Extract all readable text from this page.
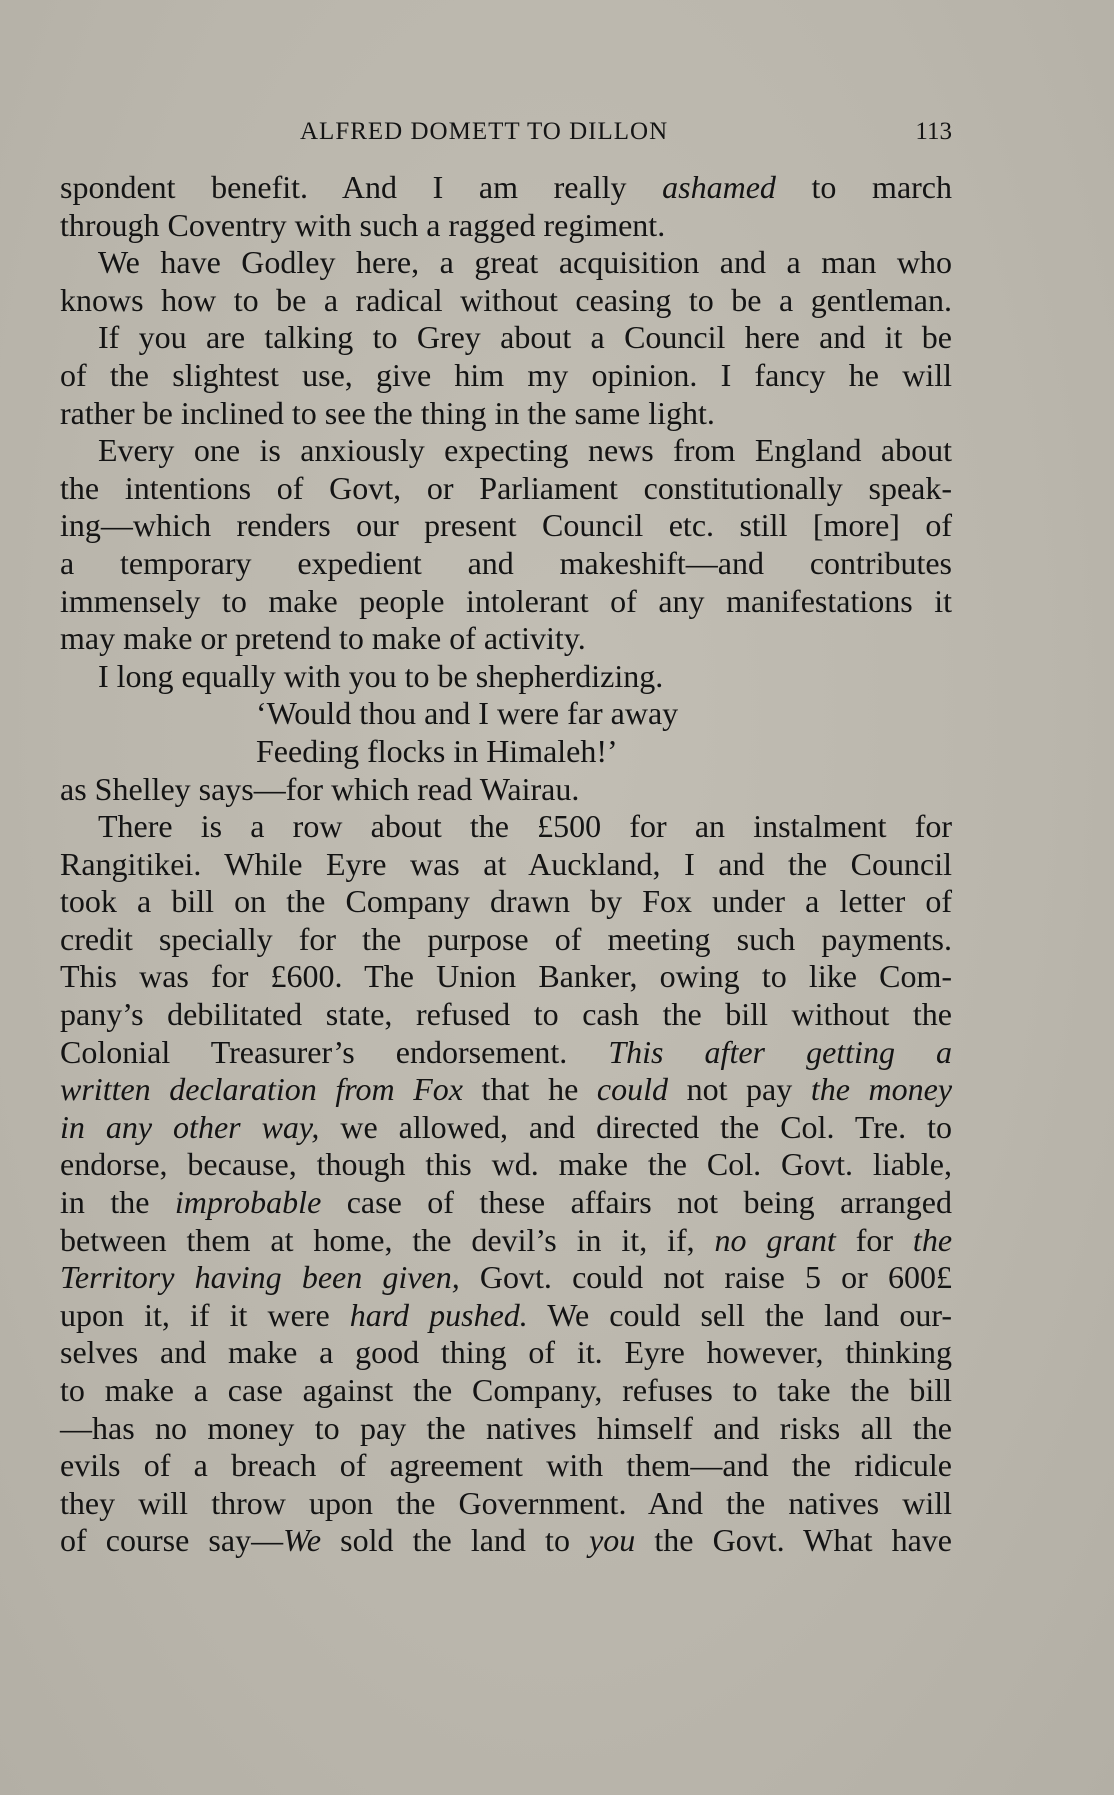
ALFRED DOMETT TO DILLON	113
spondent benefit. And I am really ashamed to march
through Coventry with such a ragged regiment.
We have Godley here, a great acquisition and a man who
knows how to be a radical without ceasing to be a gentleman.
If you are talking to Grey about a Council here and it be
of the slightest use, give him my opinion. I fancy he will
rather be inclined to see the thing in the same light.
Every one is anxiously expecting news from England about
the intentions of Govt, or Parliament constitutionally speak-
ing—which renders our present Council etc. still [more] of
a temporary expedient and makeshift—and contributes
immensely to make people intolerant of any manifestations it
may make or pretend to make of activity.
I long equally with you to be shepherdizing.
‘Would thou and I were far away
Feeding flocks in Himaleh!’
as Shelley says—for which read Wairau.
There is a row about the £500 for an instalment for
Rangitikei. While Eyre was at Auckland, I and the Council
took a bill on the Company drawn by Fox under a letter of
credit specially for the purpose of meeting such payments.
This was for £600. The Union Banker, owing to like Com-
pany’s debilitated state, refused to cash the bill without the
Colonial Treasurer’s endorsement. This after getting a
written declaration from Fox that he could not pay the money
in any other way, we allowed, and directed the Col. Tre. to
endorse, because, though this wd. make the Col. Govt. liable,
in the improbable case of these affairs not being arranged
between them at home, the devil’s in it, if, no grant for the
Territory having been given, Govt. could not raise 5 or 600£
upon it, if it were hard pushed. We could sell the land our-
selves and make a good thing of it. Eyre however, thinking
to make a case against the Company, refuses to take the bill
—has no money to pay the natives himself and risks all the
evils of a breach of agreement with them—and the ridicule
they will throw upon the Government. And the natives will
of course say—We sold the land to you the Govt. What have
